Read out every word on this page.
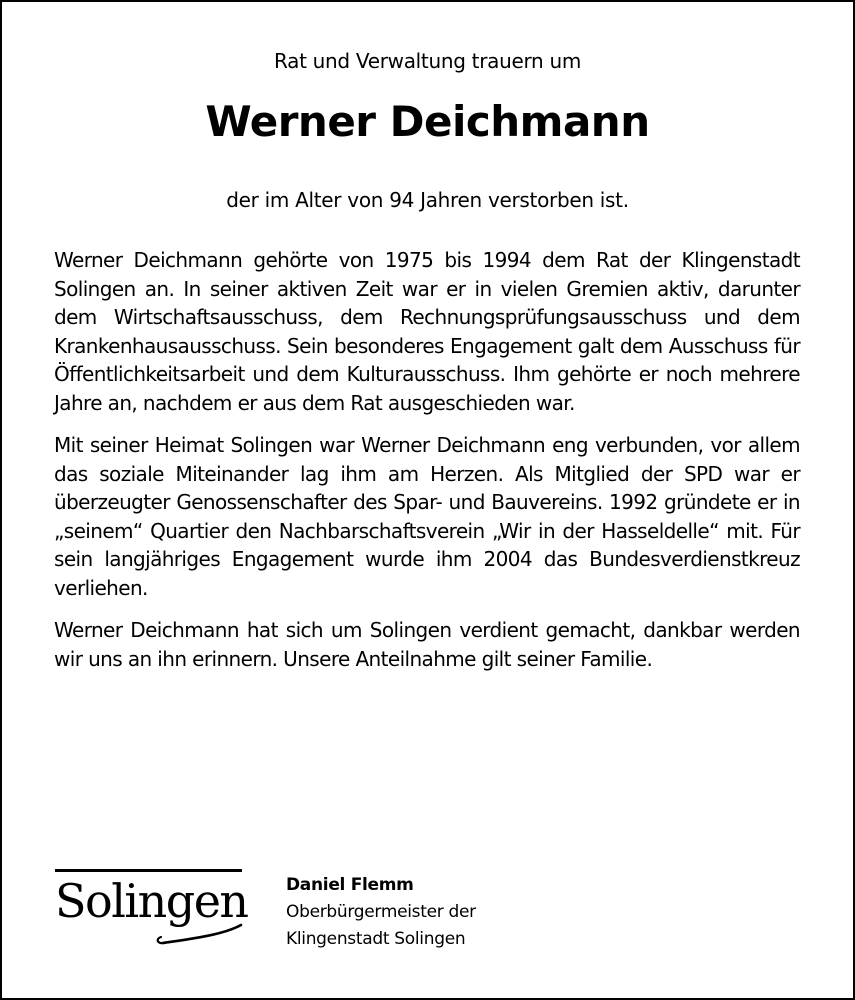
Rat und Verwaltung trauern um
Werner Deichmann
der im Alter von 94 Jahren verstorben ist.

Werner Deichmann gehörte von 1975 bis 1994 dem Rat der Klingenstadt Solingen an. In seiner aktiven Zeit war er in vielen Gremien aktiv, darunter dem Wirtschaftsausschuss, dem Rechnungsprüfungsausschuss und dem Krankenhausausschuss. Sein besonderes Engagement galt dem Ausschuss für Öffentlichkeitsarbeit und dem Kulturausschuss. Ihm gehörte er noch mehrere Jahre an, nachdem er aus dem Rat ausgeschieden war.

Mit seiner Heimat Solingen war Werner Deichmann eng verbunden, vor allem das soziale Miteinander lag ihm am Herzen. Als Mitglied der SPD war er überzeugter Genossenschafter des Spar- und Bauvereins. 1992 gründete er in „seinem“ Quartier den Nachbarschaftsverein „Wir in der Hasseldelle“ mit. Für sein langjähriges Engagement wurde ihm 2004 das Bundesverdienstkreuz verliehen.

Werner Deichmann hat sich um Solingen verdient gemacht, dankbar werden wir uns an ihn erinnern. Unsere Anteilnahme gilt seiner Familie.

Solingen Daniel Flemm
Oberbürgermeister der
Klingenstadt Solingen
